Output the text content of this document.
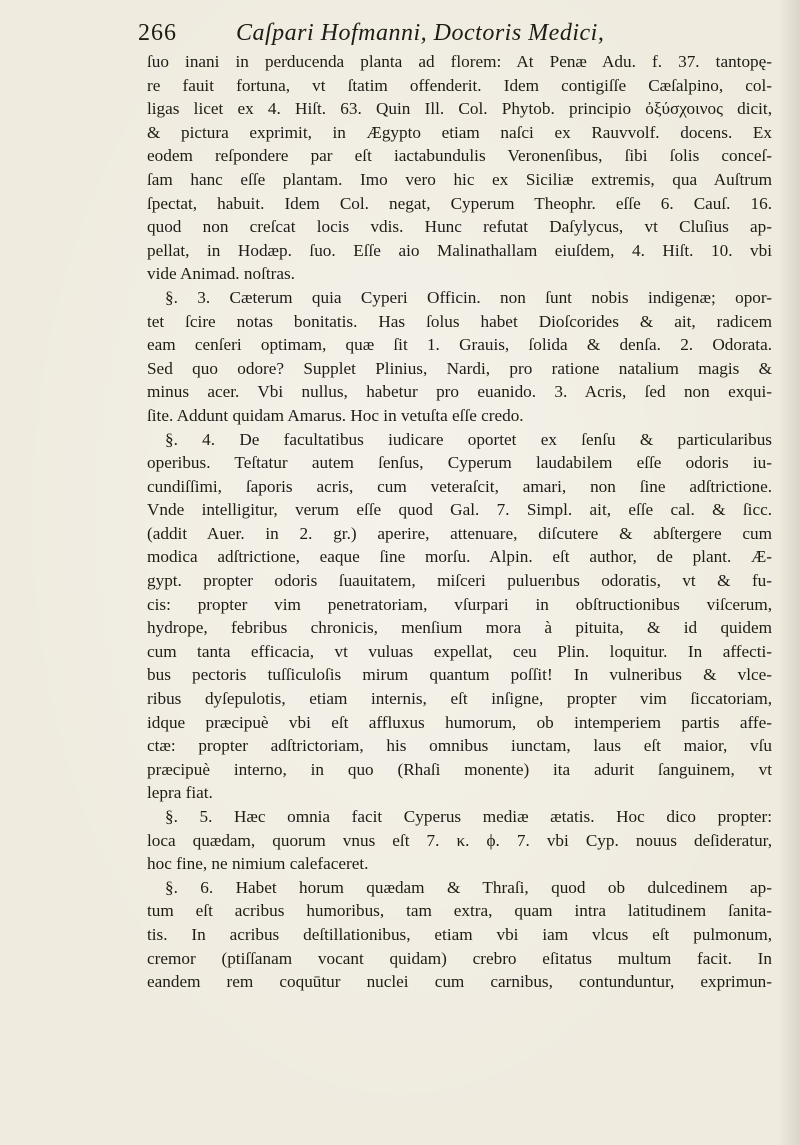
266 Caſpari Hofmanni, Doctoris Medici,
ſuo inani in perducenda planta ad florem: At Penæ Adu. f. 37. tantopę-
re fauit fortuna, vt ſtatim offenderit. Idem contigiſſe Cæſalpino, col-
ligas licet ex 4. Hiſt. 63. Quin Ill. Col. Phytob. principio ὀξύσχοινος dicit,
& pictura exprimit, in Ægypto etiam naſci ex Rauvvolf. docens. Ex
eodem reſpondere par eſt iactabundulis Veronenſibus, ſibi ſolis conceſ-
ſam hanc eſſe plantam. Imo vero hic ex Siciliæ extremis, qua Auſtrum
ſpectat, habuit. Idem Col. negat, Cyperum Theophr. eſſe 6. Cauſ. 16.
quod non creſcat locis vdis. Hunc refutat Daſylycus, vt Cluſius ap-
pellat, in Hodæp. ſuo. Eſſe aio Malinathallam eiuſdem, 4. Hiſt. 10. vbi
vide Animad. noſtras.
§. 3. Cæterum quia Cyperi Officin. non ſunt nobis indigenæ; opor-
tet ſcire notas bonitatis. Has ſolus habet Dioſcorides & ait, radicem
eam cenſeri optimam, quæ ſit 1. Grauis, ſolida & denſa. 2. Odorata.
Sed quo odore? Supplet Plinius, Nardi, pro ratione natalium magis &
minus acer. Vbi nullus, habetur pro euanido. 3. Acris, ſed non exqui-
ſite. Addunt quidam Amarus. Hoc in vetuſta eſſe credo.
§. 4. De facultatibus iudicare oportet ex ſenſu & particularibus
operibus. Teſtatur autem ſenſus, Cyperum laudabilem eſſe odoris iu-
cundiſſimi, ſaporis acris, cum veteraſcit, amari, non ſine adſtrictione.
Vnde intelligitur, verum eſſe quod Gal. 7. Simpl. ait, eſſe cal. & ſicc.
(addit Auer. in 2. gr.) aperire, attenuare, diſcutere & abſtergere cum
modica adſtrictione, eaque ſine morſu. Alpin. eſt author, de plant. Æ-
gypt. propter odoris ſuauitatem, miſceri puluerıbus odoratis, vt & fu-
cis: propter vim penetratoriam, vſurpari in obſtructionibus viſcerum,
hydrope, febribus chronicis, menſium mora à pituita, & id quidem
cum tanta efficacia, vt vuluas expellat, ceu Plin. loquitur. In affecti-
bus pectoris tuſſiculoſis mirum quantum poſſit! In vulneribus & vlce-
ribus dyſepulotis, etiam internis, eſt inſigne, propter vim ſiccatoriam,
idque præcipuè vbi eſt affluxus humorum, ob intemperiem partis affe-
ctæ: propter adſtrictoriam, his omnibus iunctam, laus eſt maior, vſu
præcipuè interno, in quo (Rhaſi monente) ita adurit ſanguinem, vt
lepra fiat.
§. 5. Hæc omnia facit Cyperus mediæ ætatis. Hoc dico propter:
loca quædam, quorum vnus eſt 7. κ. ϕ. 7. vbi Cyp. nouus deſideratur,
hoc fine, ne nimium calefaceret.
§. 6. Habet horum quædam & Thraſi, quod ob dulcedinem ap-
tum eſt acribus humoribus, tam extra, quam intra latitudinem ſanita-
tis. In acribus deſtillationibus, etiam vbi iam vlcus eſt pulmonum,
cremor (ptiſſanam vocant quidam) crebro eſitatus multum facit. In
eandem rem coquūtur nuclei cum carnibus, contunduntur, exprimun-
